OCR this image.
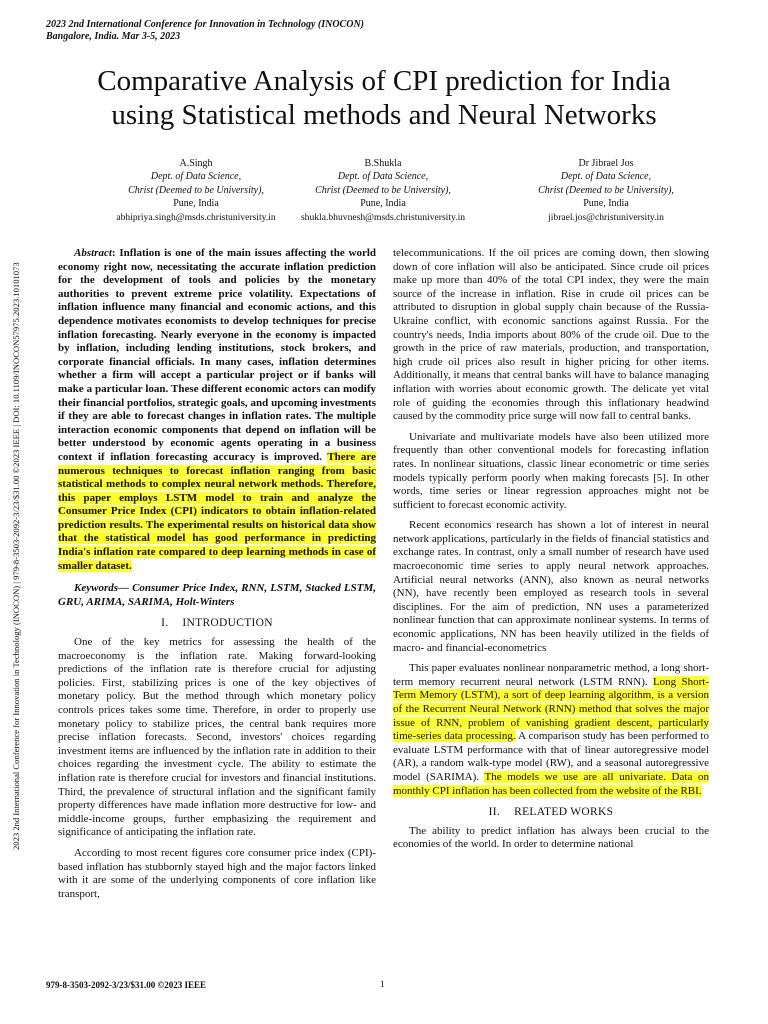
2023 2nd International Conference for Innovation in Technology (INOCON)
Bangalore, India. Mar 3-5, 2023
Comparative Analysis of CPI prediction for India
using Statistical methods and Neural Networks
A.Singh
Dept. of Data Science,
Christ (Deemed to be University),
Pune, India
abhipriya.singh@msds.christuniversity.in
B.Shukla
Dept. of Data Science,
Christ (Deemed to be University),
Pune, India
shukla.bhuvnesh@msds.christuniversity.in
Dr Jibrael Jos
Dept. of Data Science,
Christ (Deemed to be University),
Pune, India
jibrael.jos@christuniversity.in
2023 2nd International Conference for Innovation in Technology (INOCON) | 979-8-3503-2092-3/23/$31.00 ©2023 IEEE | DOI: 10.1109/INOCON57975.2023.10101073

Abstract: Inflation is one of the main issues affecting the world economy right now, necessitating the accurate inflation prediction for the development of tools and policies by the monetary authorities to prevent extreme price volatility. Expectations of inflation influence many financial and economic actions, and this dependence motivates economists to develop techniques for precise inflation forecasting. Nearly everyone in the economy is impacted by inflation, including lending institutions, stock brokers, and corporate financial officials. In many cases, inflation determines whether a firm will accept a particular project or if banks will make a particular loan. These different economic actors can modify their financial portfolios, strategic goals, and upcoming investments if they are able to forecast changes in inflation rates. The multiple interaction economic components that depend on inflation will be better understood by economic agents operating in a business context if inflation forecasting accuracy is improved. There are numerous techniques to forecast inflation ranging from basic statistical methods to complex neural network methods. Therefore, this paper employs LSTM model to train and analyze the Consumer Price Index (CPI) indicators to obtain inflation-related prediction results. The experimental results on historical data show that the statistical model has good performance in predicting India's inflation rate compared to deep learning methods in case of smaller dataset.

Keywords— Consumer Price Index, RNN, LSTM, Stacked LSTM, GRU, ARIMA, SARIMA, Holt-Winters

I. INTRODUCTION

One of the key metrics for assessing the health of the macroeconomy is the inflation rate. Making forward-looking predictions of the inflation rate is therefore crucial for adjusting policies. First, stabilizing prices is one of the key objectives of monetary policy. But the method through which monetary policy controls prices takes some time. Therefore, in order to properly use monetary policy to stabilize prices, the central bank requires more precise inflation forecasts. Second, investors' choices regarding investment items are influenced by the inflation rate in addition to their choices regarding the investment cycle. The ability to estimate the inflation rate is therefore crucial for investors and financial institutions. Third, the prevalence of structural inflation and the significant family property differences have made inflation more destructive for low- and middle-income groups, further emphasizing the requirement and significance of anticipating the inflation rate.

According to most recent figures core consumer price index (CPI)-based inflation has stubbornly stayed high and the major factors linked with it are some of the underlying components of core inflation like transport,

telecommunications. If the oil prices are coming down, then slowing down of core inflation will also be anticipated. Since crude oil prices make up more than 40% of the total CPI index, they were the main source of the increase in inflation. Rise in crude oil prices can be attributed to disruption in global supply chain because of the Russia-Ukraine conflict, with economic sanctions against Russia. For the country's needs, India imports about 80% of the crude oil. Due to the growth in the price of raw materials, production, and transportation, high crude oil prices also result in higher pricing for other items. Additionally, it means that central banks will have to balance managing inflation with worries about economic growth. The delicate yet vital role of guiding the economies through this inflationary headwind caused by the commodity price surge will now fall to central banks.

Univariate and multivariate models have also been utilized more frequently than other conventional models for forecasting inflation rates. In nonlinear situations, classic linear econometric or time series models typically perform poorly when making forecasts [5]. In other words, time series or linear regression approaches might not be sufficient to forecast economic activity.

Recent economics research has shown a lot of interest in neural network applications, particularly in the fields of financial statistics and exchange rates. In contrast, only a small number of research have used macroeconomic time series to apply neural network approaches. Artificial neural networks (ANN), also known as neural networks (NN), have recently been employed as research tools in several disciplines. For the aim of prediction, NN uses a parameterized nonlinear function that can approximate nonlinear systems. In terms of economic applications, NN has been heavily utilized in the fields of macro- and financial-econometrics

This paper evaluates nonlinear nonparametric method, a long short-term memory recurrent neural network (LSTM RNN). Long Short-Term Memory (LSTM), a sort of deep learning algorithm, is a version of the Recurrent Neural Network (RNN) method that solves the major issue of RNN, problem of vanishing gradient descent, particularly time-series data processing. A comparison study has been performed to evaluate LSTM performance with that of linear autoregressive model (AR), a random walk-type model (RW), and a seasonal autoregressive model (SARIMA). The models we use are all univariate. Data on monthly CPI inflation has been collected from the website of the RBI.

II. RELATED WORKS

The ability to predict inflation has always been crucial to the economies of the world. In order to determine national

979-8-3503-2092-3/23/$31.00 ©2023 IEEE	1
